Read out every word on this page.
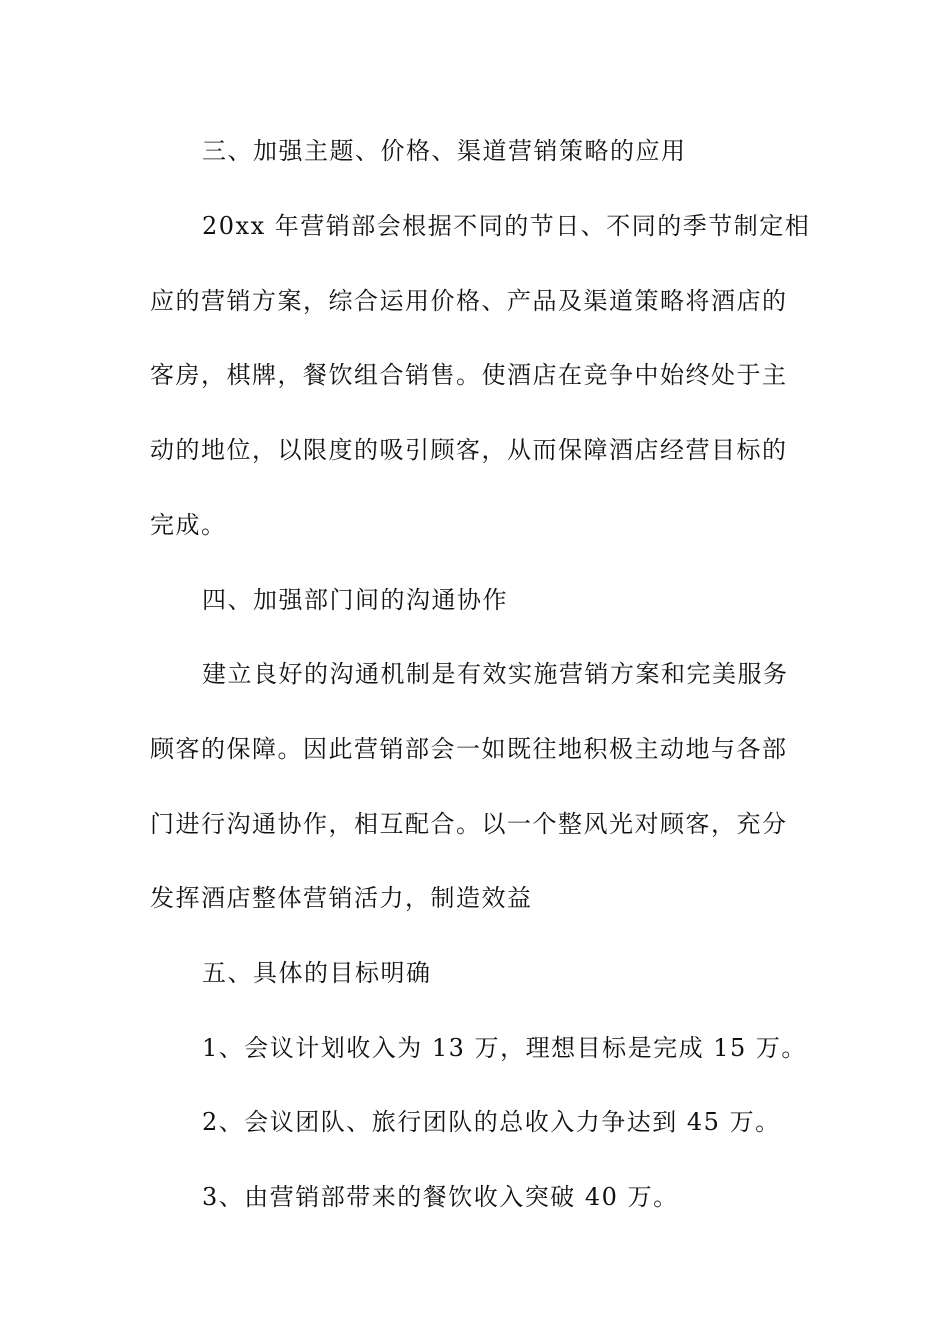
三、加强主题、价格、渠道营销策略的应用
20xx 年营销部会根据不同的节日、不同的季节制定相
应的营销方案，综合运用价格、产品及渠道策略将酒店的
客房，棋牌，餐饮组合销售。使酒店在竞争中始终处于主
动的地位，以限度的吸引顾客，从而保障酒店经营目标的
完成。
四、加强部门间的沟通协作
建立良好的沟通机制是有效实施营销方案和完美服务
顾客的保障。因此营销部会一如既往地积极主动地与各部
门进行沟通协作，相互配合。以一个整风光对顾客，充分
发挥酒店整体营销活力，制造效益
五、具体的目标明确
1、会议计划收入为 13 万，理想目标是完成 15 万。
2、会议团队、旅行团队的总收入力争达到 45 万。
3、由营销部带来的餐饮收入突破 40 万。
